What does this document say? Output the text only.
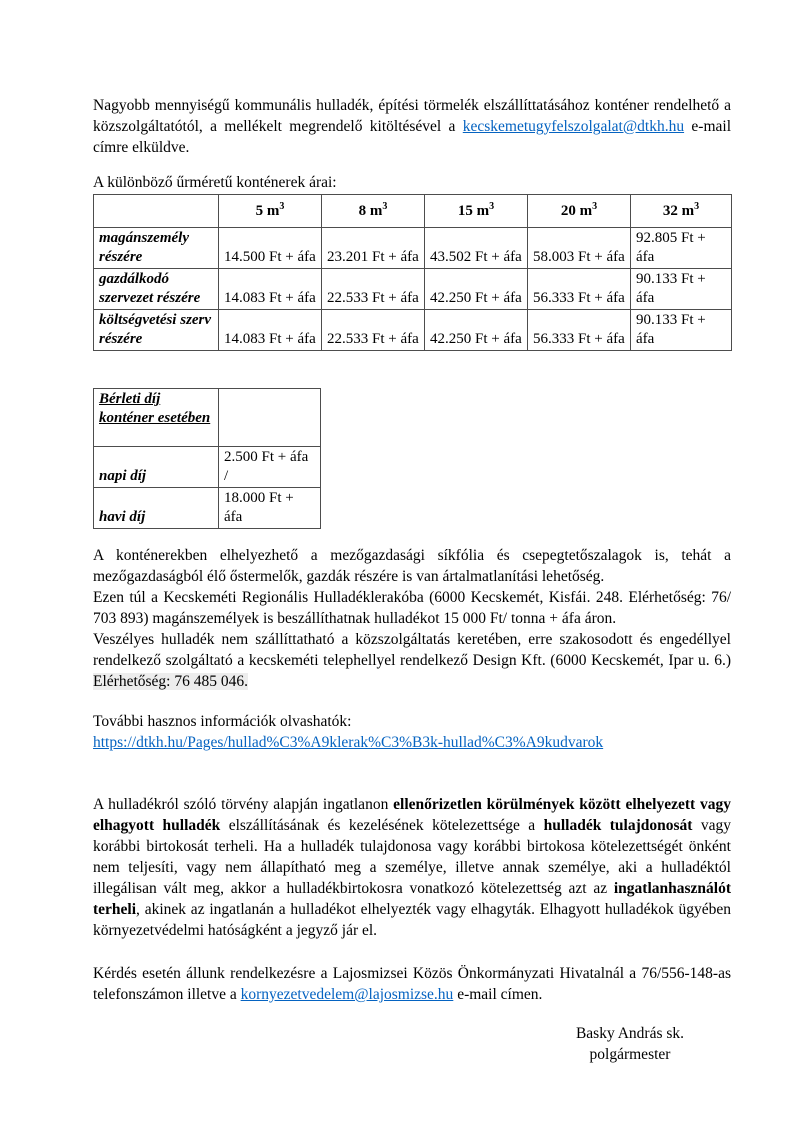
Nagyobb mennyiségű kommunális hulladék, építési törmelék elszállíttatásához konténer rendelhető a közszolgáltatótól, a mellékelt megrendelő kitöltésével a kecskemetugyfelszolgalat@dtkh.hu e-mail címre elküldve.

A különböző űrméretű konténerek árai:

	5 $m^3$	8 $m^3$	15 $m^3$	20 $m^3$	32 $m^3$
magánszemély részére	14.500 Ft + áfa	23.201 Ft + áfa	43.502 Ft + áfa	58.003 Ft + áfa	92.805 Ft + áfa
gazdálkodó szervezet részére	14.083 Ft + áfa	22.533 Ft + áfa	42.250 Ft + áfa	56.333 Ft + áfa	90.133 Ft + áfa
költségvetési szerv részére	14.083 Ft + áfa	22.533 Ft + áfa	42.250 Ft + áfa	56.333 Ft + áfa	90.133 Ft + áfa
Bérleti díj konténer esetében	
napi díj	2.500 Ft + áfa /
havi díj	18.000 Ft + áfa

A konténerekben elhelyezhető a mezőgazdasági síkfólia és csepegtetőszalagok is, tehát a mezőgazdaságból élő őstermelők, gazdák részére is van ártalmatlanítási lehetőség.

Ezen túl a Kecskeméti Regionális Hulladéklerakóba (6000 Kecskemét, Kisfái. 248. Elérhetőség: 76/ 703 893) magánszemélyek is beszállíthatnak hulladékot 15 000 Ft/ tonna + áfa áron.

Veszélyes hulladék nem szállíttatható a közszolgáltatás keretében, erre szakosodott és engedéllyel rendelkező szolgáltató a kecskeméti telephellyel rendelkező Design Kft. (6000 Kecskemét, Ipar u. 6.) Elérhetőség: 76 485 046.

További hasznos információk olvashatók:

https://dtkh.hu/Pages/hullad%C3%A9klerak%C3%B3k-hullad%C3%A9kudvarok

A hulladékról szóló törvény alapján ingatlanon ellenőrizetlen körülmények között elhelyezett vagy elhagyott hulladék elszállításának és kezelésének kötelezettsége a hulladék tulajdonosát vagy korábbi birtokosát terheli. Ha a hulladék tulajdonosa vagy korábbi birtokosa kötelezettségét önként nem teljesíti, vagy nem állapítható meg a személye, illetve annak személye, aki a hulladéktól illegálisan vált meg, akkor a hulladékbirtokosra vonatkozó kötelezettség azt az ingatlanhasználót terheli, akinek az ingatlanán a hulladékot elhelyezték vagy elhagyták. Elhagyott hulladékok ügyében környezetvédelmi hatóságként a jegyző jár el.

Kérdés esetén állunk rendelkezésre a Lajosmizsei Közös Önkormányzati Hivatalnál a 76/556-148-as telefonszámon illetve a kornyezetvedelem@lajosmizse.hu e-mail címen.

Basky András sk.
polgármester
